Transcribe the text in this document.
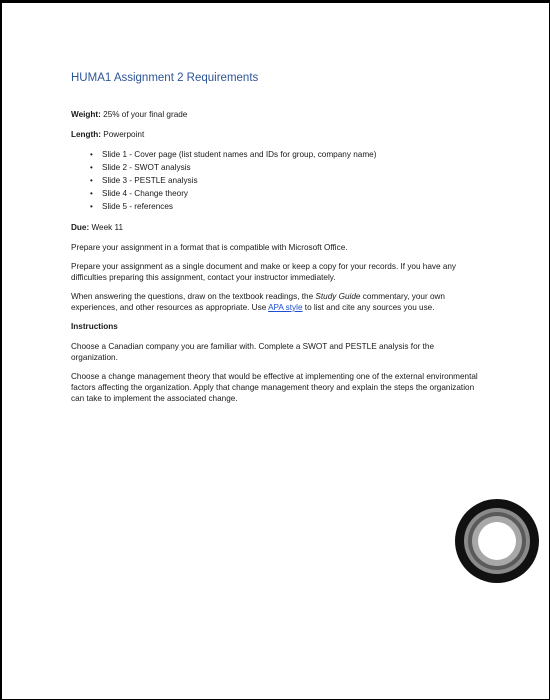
HUMA1 Assignment 2 Requirements

Weight: 25% of your final grade

Length: Powerpoint

• Slide 1 - Cover page (list student names and IDs for group, company name)
• Slide 2 - SWOT analysis
• Slide 3 - PESTLE analysis
• Slide 4 - Change theory
• Slide 5 - references

Due: Week 11

Prepare your assignment in a format that is compatible with Microsoft Office.

Prepare your assignment as a single document and make or keep a copy for your records. If you have any difficulties preparing this assignment, contact your instructor immediately.

When answering the questions, draw on the textbook readings, the Study Guide commentary, your own experiences, and other resources as appropriate. Use APA style to list and cite any sources you use.

Instructions

Choose a Canadian company you are familiar with. Complete a SWOT and PESTLE analysis for the organization.

Choose a change management theory that would be effective at implementing one of the external environmental factors affecting the organization. Apply that change management theory and explain the steps the organization can take to implement the associated change.
